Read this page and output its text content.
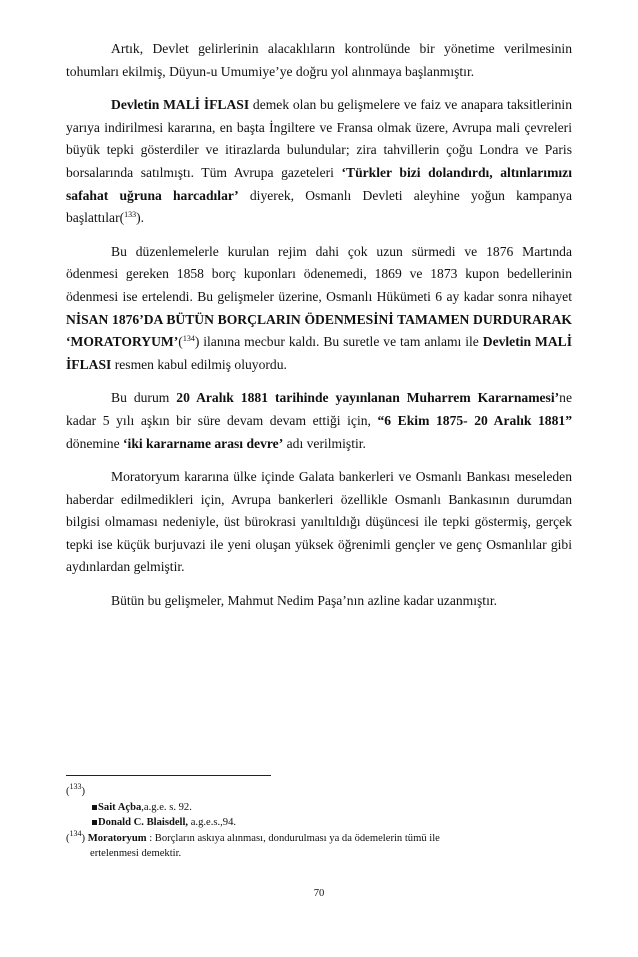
Artık, Devlet gelirlerinin alacaklıların kontrolünde bir yönetime verilmesinin tohumları ekilmiş, Düyun-u Umumiye’ye doğru yol alınmaya başlanmıştır.

Devletin MALİ İFLASI demek olan bu gelişmelere ve faiz ve anapara taksitlerinin yarıya indirilmesi kararına, en başta İngiltere ve Fransa olmak üzere, Avrupa mali çevreleri büyük tepki gösterdiler ve itirazlarda bulundular; zira tahvillerin çoğu Londra ve Paris borsalarında satılmıştı. Tüm Avrupa gazeteleri ‘Türkler bizi dolandırdı, altınlarımızı safahat uğruna harcadılar’ diyerek, Osmanlı Devleti aleyhine yoğun kampanya başlattılar($^{133}$).

Bu düzenlemelerle kurulan rejim dahi çok uzun sürmedi ve 1876 Martında ödenmesi gereken 1858 borç kuponları ödenemedi, 1869 ve 1873 kupon bedellerinin ödenmesi ise ertelendi. Bu gelişmeler üzerine, Osmanlı Hükümeti 6 ay kadar sonra nihayet NİSAN 1876’DA BÜTÜN BORÇLARIN ÖDENMESİNİ TAMAMEN DURDURARAK ‘MORATORYUM’($^{134}$) ilanına mecbur kaldı. Bu suretle ve tam anlamı ile Devletin MALİ İFLASI resmen kabul edilmiş oluyordu.

Bu durum 20 Aralık 1881 tarihinde yayınlanan Muharrem Kararnamesi’ne kadar 5 yılı aşkın bir süre devam devam ettiği için, “6 Ekim 1875- 20 Aralık 1881” dönemine ‘iki kararname arası devre’ adı verilmiştir.

Moratoryum kararına ülke içinde Galata bankerleri ve Osmanlı Bankası meseleden haberdar edilmedikleri için, Avrupa bankerleri özellikle Osmanlı Bankasının durumdan bilgisi olmaması nedeniyle, üst bürokrasi yanıltıldığı düşüncesi ile tepki göstermiş, gerçek tepki ise küçük burjuvazi ile yeni oluşan yüksek öğrenimli gençler ve genç Osmanlılar gibi aydınlardan gelmiştir.

Bütün bu gelişmeler, Mahmut Nedim Paşa’nın azline kadar uzanmıştır.

($^{133}$)

Sait Açba,a.g.e. s. 92.

Donald C. Blaisdell, a.g.e.s.,94.

($^{134}$) Moratoryum : Borçların askıya alınması, dondurulması ya da ödemelerin tümü ile

ertelenmesi demektir.

70
